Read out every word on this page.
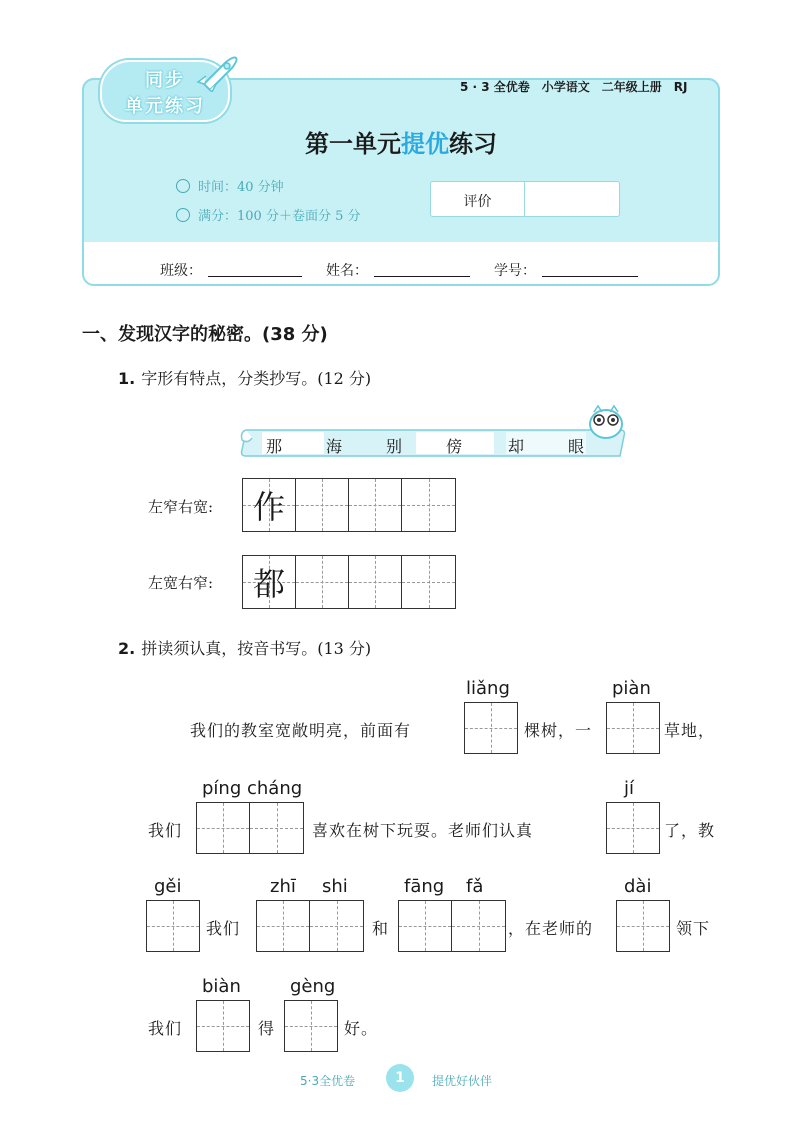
同步
单元练习
5 · 3 全优卷　小学语文　二年级上册　RJ
第一单元提优练习
时间：40 分钟
满分：100 分＋卷面分 5 分
评价
班级：	姓名：	学号：
一、发现汉字的秘密。(38 分)
1. 字形有特点，分类抄写。(12 分)
那	海	别	傍	却	眼
左窄右宽:	作
左宽右窄:	都
2. 拼读须认真，按音书写。(13 分)
liǎng	piàn
我们的教室宽敞明亮，前面有	棵树，一	草地，
píng cháng	jí
我们	喜欢在树下玩耍。老师们认真	了，教
gěi	zhī shi	fāng fǎ	dài
我们	和	，在老师的	领下
biàn	gèng
我们	得	好。
5·3全优卷	1	提优好伙伴
